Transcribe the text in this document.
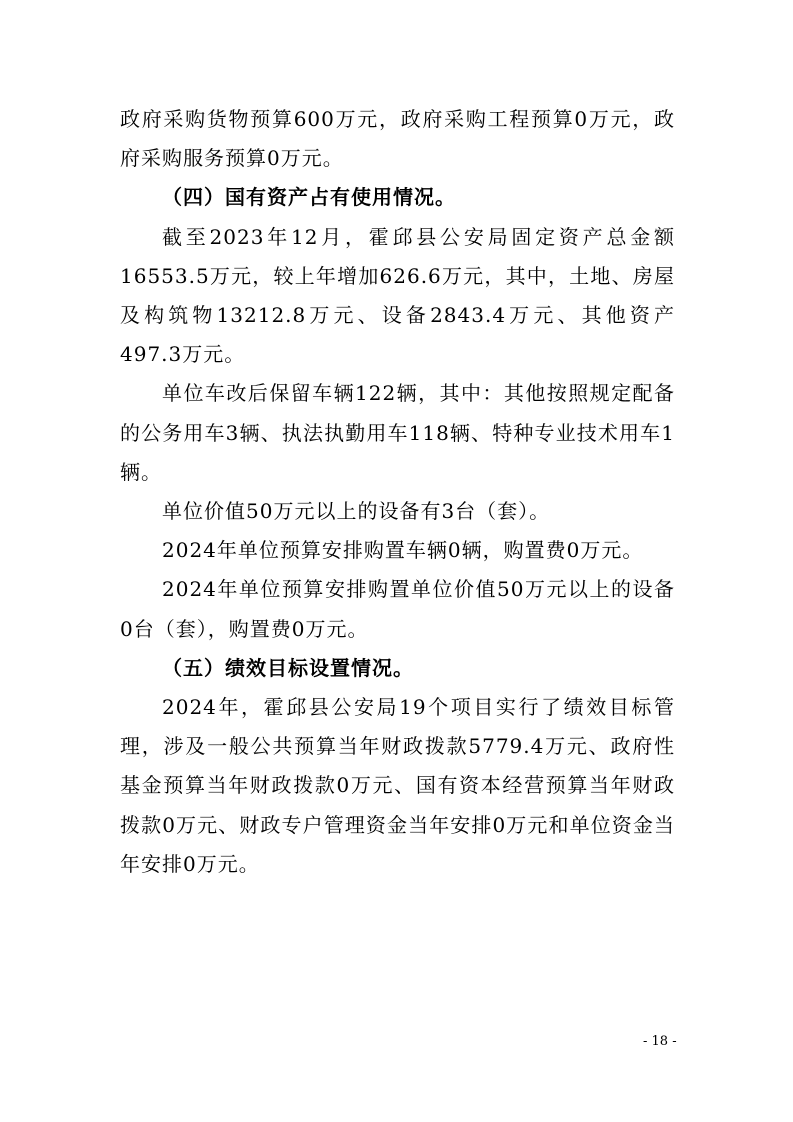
政府采购货物预算600万元，政府采购工程预算0万元，政府采购服务预算0万元。

（四）国有资产占有使用情况。

截至2023年12月，霍邱县公安局固定资产总金额16553.5万元，较上年增加626.6万元，其中，土地、房屋及构筑物13212.8万元、设备2843.4万元、其他资产497.3万元。

单位车改后保留车辆122辆，其中：其他按照规定配备的公务用车3辆、执法执勤用车118辆、特种专业技术用车1辆。

单位价值50万元以上的设备有3台（套）。

2024年单位预算安排购置车辆0辆，购置费0万元。

2024年单位预算安排购置单位价值50万元以上的设备0台（套），购置费0万元。

（五）绩效目标设置情况。

2024年，霍邱县公安局19个项目实行了绩效目标管理，涉及一般公共预算当年财政拨款5779.4万元、政府性基金预算当年财政拨款0万元、国有资本经营预算当年财政拨款0万元、财政专户管理资金当年安排0万元和单位资金当年安排0万元。

- 18 -
